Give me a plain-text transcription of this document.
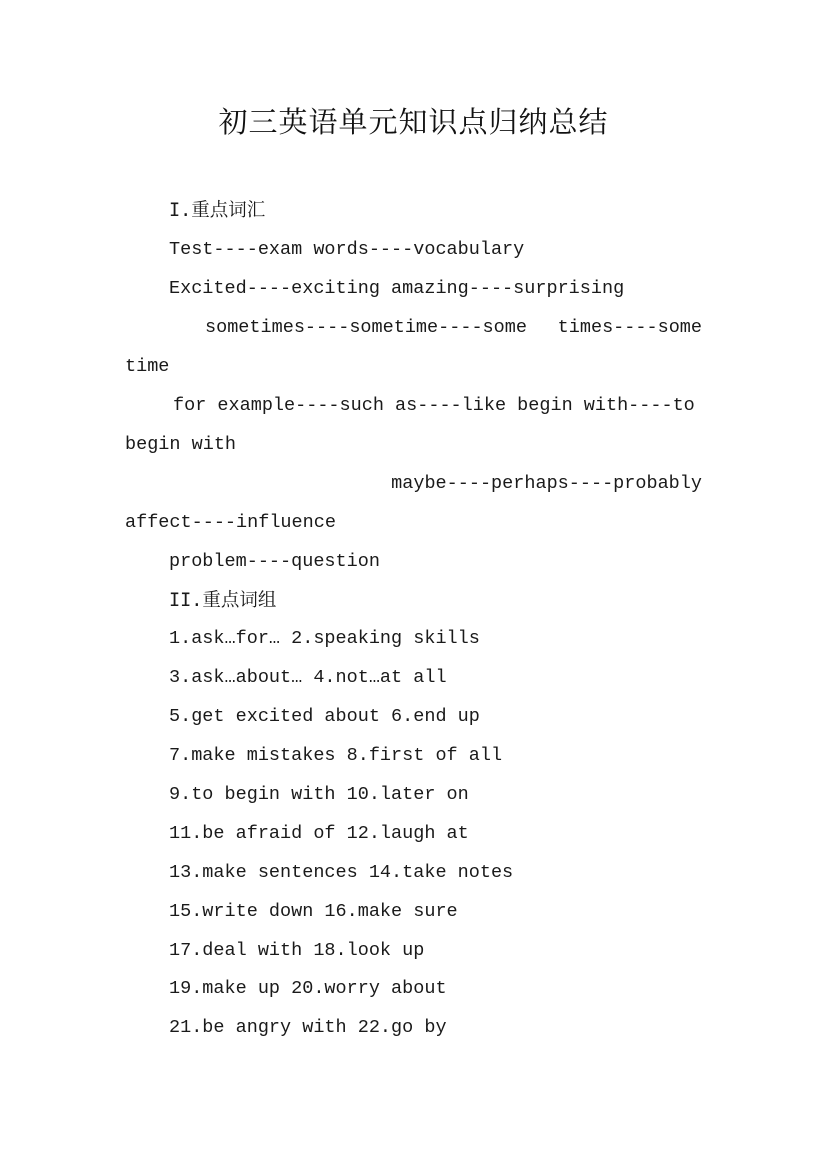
初三英语单元知识点归纳总结
I.重点词汇
Test----exam words----vocabulary
Excited----exciting amazing----surprising
sometimes----sometime----some times----some
time
for example----such as----like begin with----to
begin with
maybe----perhaps----probably
affect----influence
problem----question
II.重点词组
1.ask…for… 2.speaking skills
3.ask…about… 4.not…at all
5.get excited about 6.end up
7.make mistakes 8.first of all
9.to begin with 10.later on
11.be afraid of 12.laugh at
13.make sentences 14.take notes
15.write down 16.make sure
17.deal with 18.look up
19.make up 20.worry about
21.be angry with 22.go by
